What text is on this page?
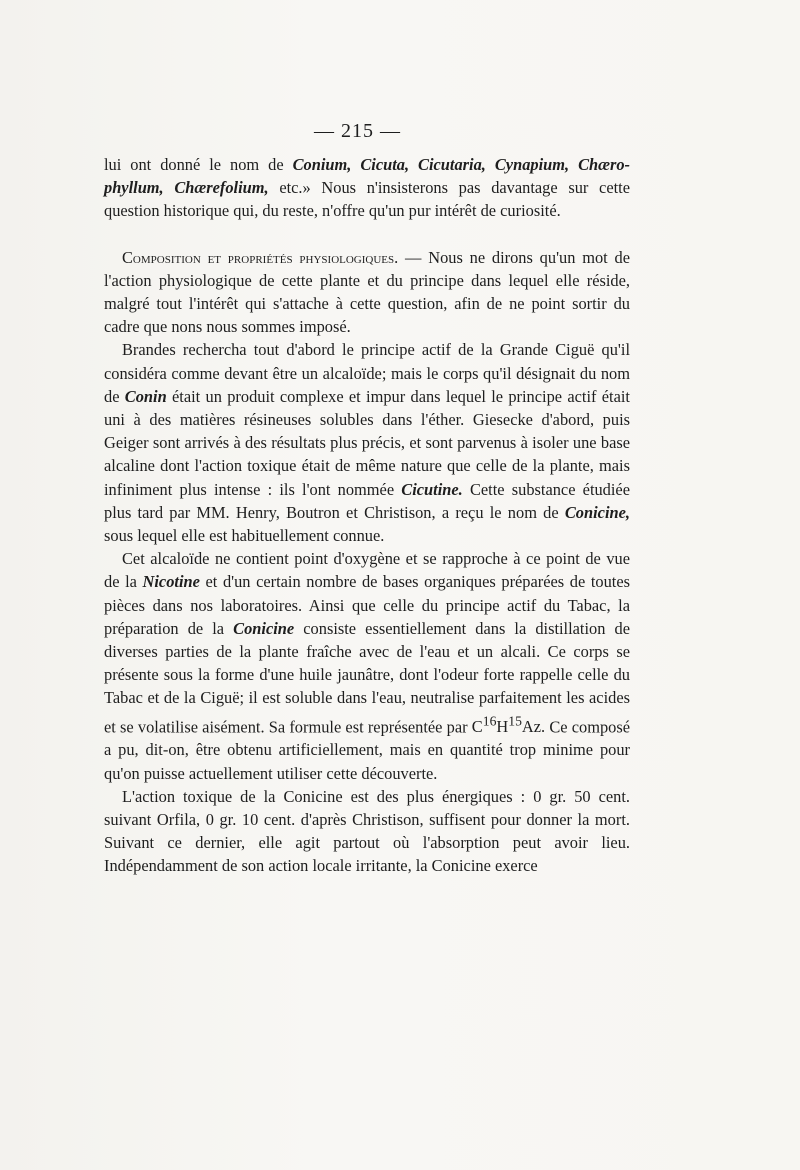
— 215 —

lui ont donné le nom de Conium, Cicuta, Cicutaria, Cynapium, Chæro-phyllum, Chærefolium, etc.» Nous n'insisterons pas davantage sur cette question historique qui, du reste, n'offre qu'un pur intérêt de curiosité.

Composition et propriétés physiologiques. — Nous ne dirons qu'un mot de l'action physiologique de cette plante et du principe dans lequel elle réside, malgré tout l'intérêt qui s'attache à cette question, afin de ne point sortir du cadre que nons nous sommes imposé.

Brandes rechercha tout d'abord le principe actif de la Grande Ciguë qu'il considéra comme devant être un alcaloïde; mais le corps qu'il désignait du nom de Conin était un produit complexe et impur dans lequel le principe actif était uni à des matières résineuses solubles dans l'éther. Giesecke d'abord, puis Geiger sont arrivés à des résultats plus précis, et sont parvenus à isoler une base alcaline dont l'action toxique était de même nature que celle de la plante, mais infiniment plus intense : ils l'ont nommée Cicutine. Cette substance étudiée plus tard par MM. Henry, Boutron et Christison, a reçu le nom de Conicine, sous lequel elle est habituellement connue.

Cet alcaloïde ne contient point d'oxygène et se rapproche à ce point de vue de la Nicotine et d'un certain nombre de bases organiques préparées de toutes pièces dans nos laboratoires. Ainsi que celle du principe actif du Tabac, la préparation de la Conicine consiste essentiellement dans la distillation de diverses parties de la plante fraîche avec de l'eau et un alcali. Ce corps se présente sous la forme d'une huile jaunâtre, dont l'odeur forte rappelle celle du Tabac et de la Ciguë; il est soluble dans l'eau, neutralise parfaitement les acides et se volatilise aisément. Sa formule est représentée par $C^{16}H^{15}Az$. Ce composé a pu, dit-on, être obtenu artificiellement, mais en quantité trop minime pour qu'on puisse actuellement utiliser cette découverte.

L'action toxique de la Conicine est des plus énergiques : 0 gr. 50 cent. suivant Orfila, 0 gr. 10 cent. d'après Christison, suffisent pour donner la mort. Suivant ce dernier, elle agit partout où l'absorption peut avoir lieu. Indépendamment de son action locale irritante, la Conicine exerce
